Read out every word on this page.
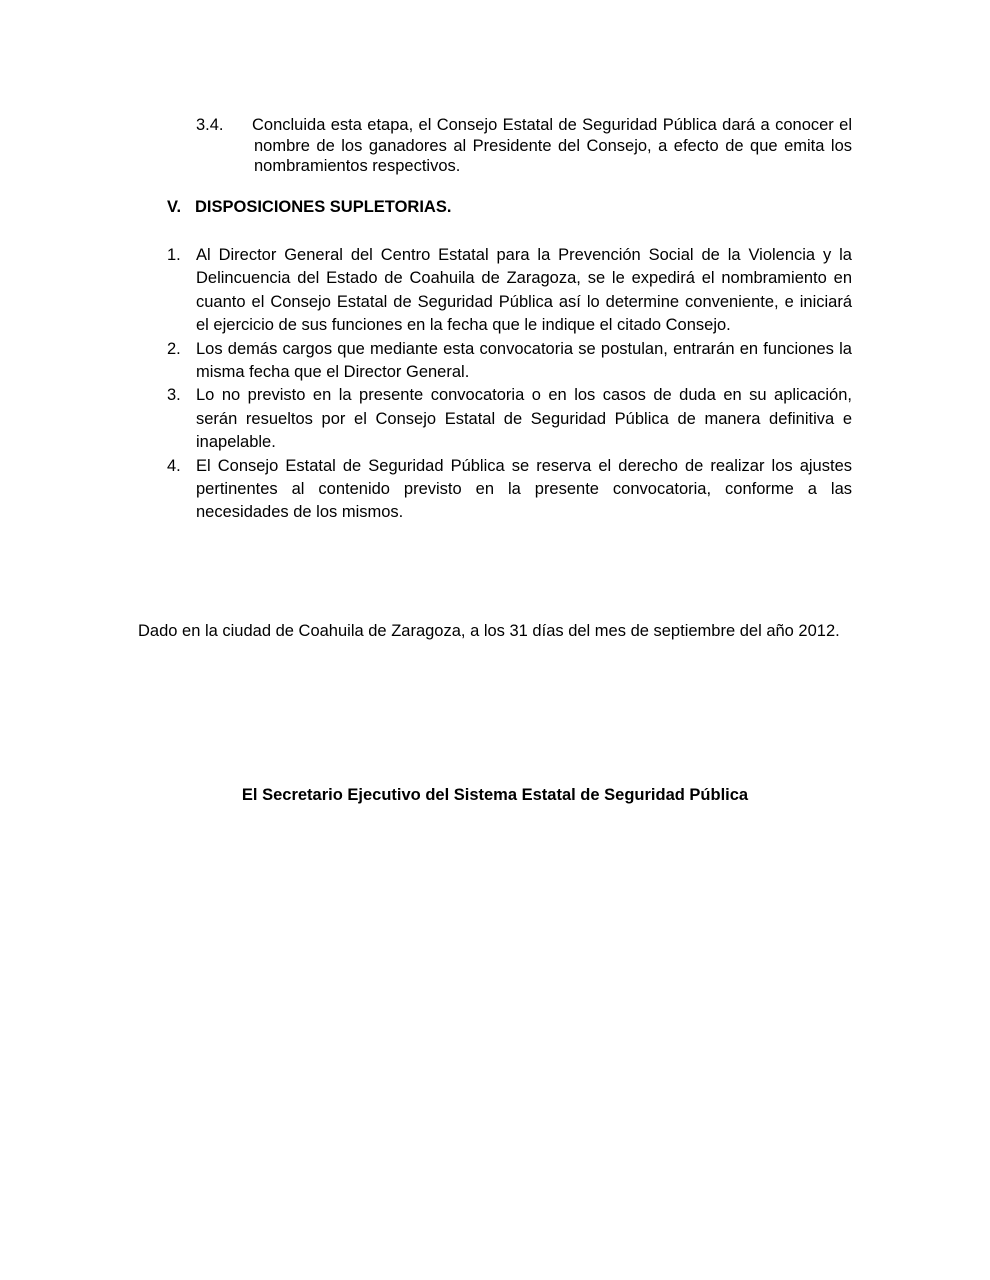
3.4. Concluida esta etapa, el Consejo Estatal de Seguridad Pública dará a conocer el nombre de los ganadores al Presidente del Consejo, a efecto de que emita los nombramientos respectivos.
V. DISPOSICIONES SUPLETORIAS.
1. Al Director General del Centro Estatal para la Prevención Social de la Violencia y la Delincuencia del Estado de Coahuila de Zaragoza, se le expedirá el nombramiento en cuanto el Consejo Estatal de Seguridad Pública así lo determine conveniente, e iniciará el ejercicio de sus funciones en la fecha que le indique el citado Consejo.
2. Los demás cargos que mediante esta convocatoria se postulan, entrarán en funciones la misma fecha que el Director General.
3. Lo no previsto en la presente convocatoria o en los casos de duda en su aplicación, serán resueltos por el Consejo Estatal de Seguridad Pública de manera definitiva e inapelable.
4. El Consejo Estatal de Seguridad Pública se reserva el derecho de realizar los ajustes pertinentes al contenido previsto en la presente convocatoria, conforme a las necesidades de los mismos.
Dado en la ciudad de Coahuila de Zaragoza, a los 31 días del mes de septiembre del año 2012.
El Secretario Ejecutivo del Sistema Estatal de Seguridad Pública
